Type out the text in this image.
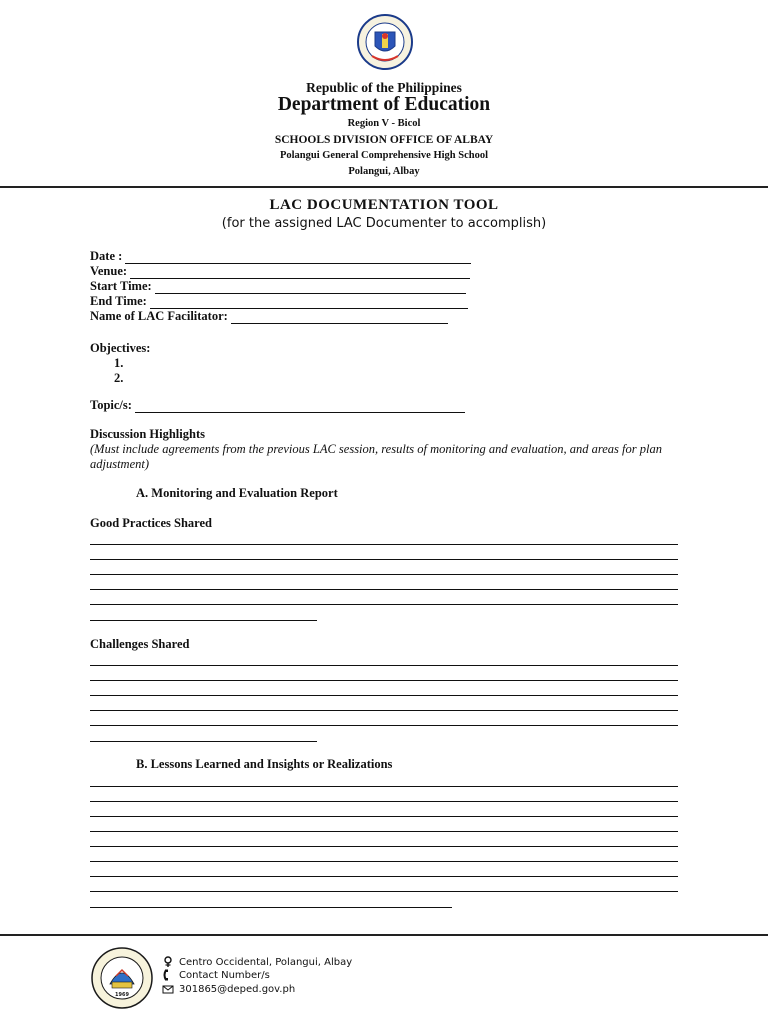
Republic of the Philippines
Department of Education
Region V - Bicol
SCHOOLS DIVISION OFFICE OF ALBAY
Polangui General Comprehensive High School
Polangui, Albay
LAC DOCUMENTATION TOOL
(for the assigned LAC Documenter to accomplish)
Date :
Venue:
Start Time:
End Time:
Name of LAC Facilitator:
Objectives:
1.
2.
Topic/s:
Discussion Highlights
(Must include agreements from the previous LAC session, results of monitoring and evaluation, and areas for plan adjustment)
A. Monitoring and Evaluation Report
Good Practices Shared
Challenges Shared
B. Lessons Learned and Insights or Realizations
1969
Centro Occidental, Polangui, Albay
Contact Number/s
301865@deped.gov.ph
